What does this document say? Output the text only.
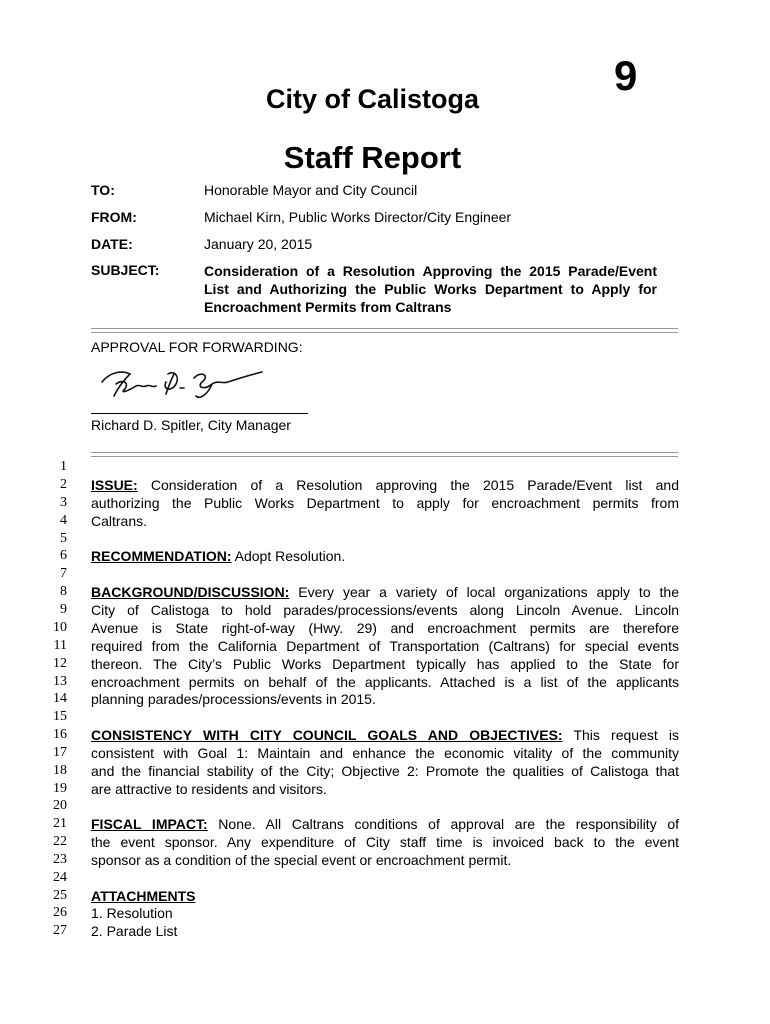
9
City of Calistoga
Staff Report
TO:	Honorable Mayor and City Council
FROM:	Michael Kirn, Public Works Director/City Engineer
DATE:	January 20, 2015
SUBJECT:	Consideration of a Resolution Approving the 2015 Parade/Event List and Authorizing the Public Works Department to Apply for Encroachment Permits from Caltrans
APPROVAL FOR FORWARDING:
Richard D. Spitler, City Manager
1
2
3
4
5
6
7
8
9
10
11
12
13
14
15
16
17
18
19
20
21
22
23
24
25
26
27
ISSUE: Consideration of a Resolution approving the 2015 Parade/Event list and
authorizing the Public Works Department to apply for encroachment permits from
Caltrans.
RECOMMENDATION: Adopt Resolution.
BACKGROUND/DISCUSSION: Every year a variety of local organizations apply to the
City of Calistoga to hold parades/processions/events along Lincoln Avenue. Lincoln
Avenue is State right-of-way (Hwy. 29) and encroachment permits are therefore
required from the California Department of Transportation (Caltrans) for special events
thereon. The City’s Public Works Department typically has applied to the State for
encroachment permits on behalf of the applicants. Attached is a list of the applicants
planning parades/processions/events in 2015.
CONSISTENCY WITH CITY COUNCIL GOALS AND OBJECTIVES: This request is
consistent with Goal 1: Maintain and enhance the economic vitality of the community
and the financial stability of the City; Objective 2: Promote the qualities of Calistoga that
are attractive to residents and visitors.
FISCAL IMPACT: None. All Caltrans conditions of approval are the responsibility of
the event sponsor. Any expenditure of City staff time is invoiced back to the event
sponsor as a condition of the special event or encroachment permit.
ATTACHMENTS
1. Resolution
2. Parade List
